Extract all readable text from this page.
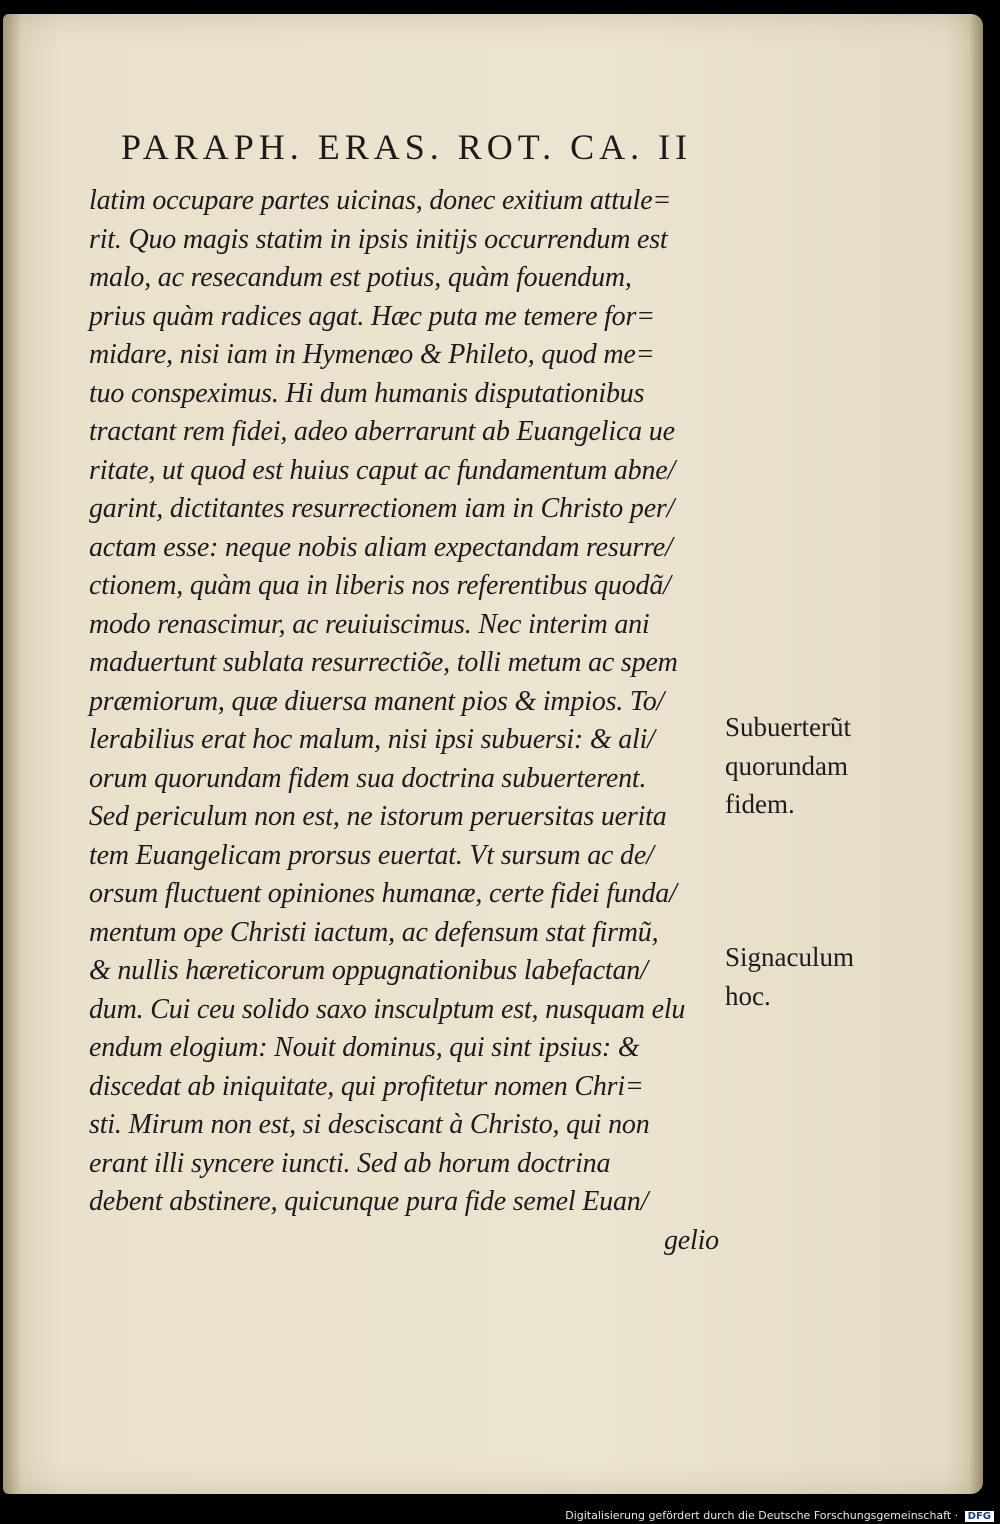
PARAPH. ERAS. ROT. CA. II
latim occupare partes uicinas, donec exitium attule=
rit. Quo magis statim in ipsis initijs occurrendum est
malo, ac resecandum est potius, quàm fouendum,
prius quàm radices agat. Hæc puta me temere for=
midare, nisi iam in Hymenæo & Phileto, quod me=
tuo conspeximus. Hi dum humanis disputationibus
tractant rem fidei, adeo aberrarunt ab Euangelica ue
ritate, ut quod est huius caput ac fundamentum abne/
garint, dictitantes resurrectionem iam in Christo per/
actam esse: neque nobis aliam expectandam resurre/
ctionem, quàm qua in liberis nos referentibus quodã/
modo renascimur, ac reuiuiscimus. Nec interim ani
maduertunt sublata resurrectiõe, tolli metum ac spem
præmiorum, quæ diuersa manent pios & impios. To/
lerabilius erat hoc malum, nisi ipsi subuersi: & ali/
orum quorundam fidem sua doctrina subuerterent.
Sed periculum non est, ne istorum peruersitas uerita
tem Euangelicam prorsus euertat. Vt sursum ac de/
orsum fluctuent opiniones humanæ, certe fidei funda/
mentum ope Christi iactum, ac defensum stat firmũ,
& nullis hæreticorum oppugnationibus labefactan/
dum. Cui ceu solido saxo insculptum est, nusquam elu
endum elogium: Nouit dominus, qui sint ipsius: &
discedat ab iniquitate, qui profitetur nomen Chri=
sti. Mirum non est, si desciscant à Christo, qui non
erant illi syncere iuncti. Sed ab horum doctrina
debent abstinere, quicunque pura fide semel Euan/
gelio
Subuerterũt
quorundam
fidem.
Signaculum
hoc.
Digitalisierung gefördert durch die Deutsche Forschungsgemeinschaft · DFG
